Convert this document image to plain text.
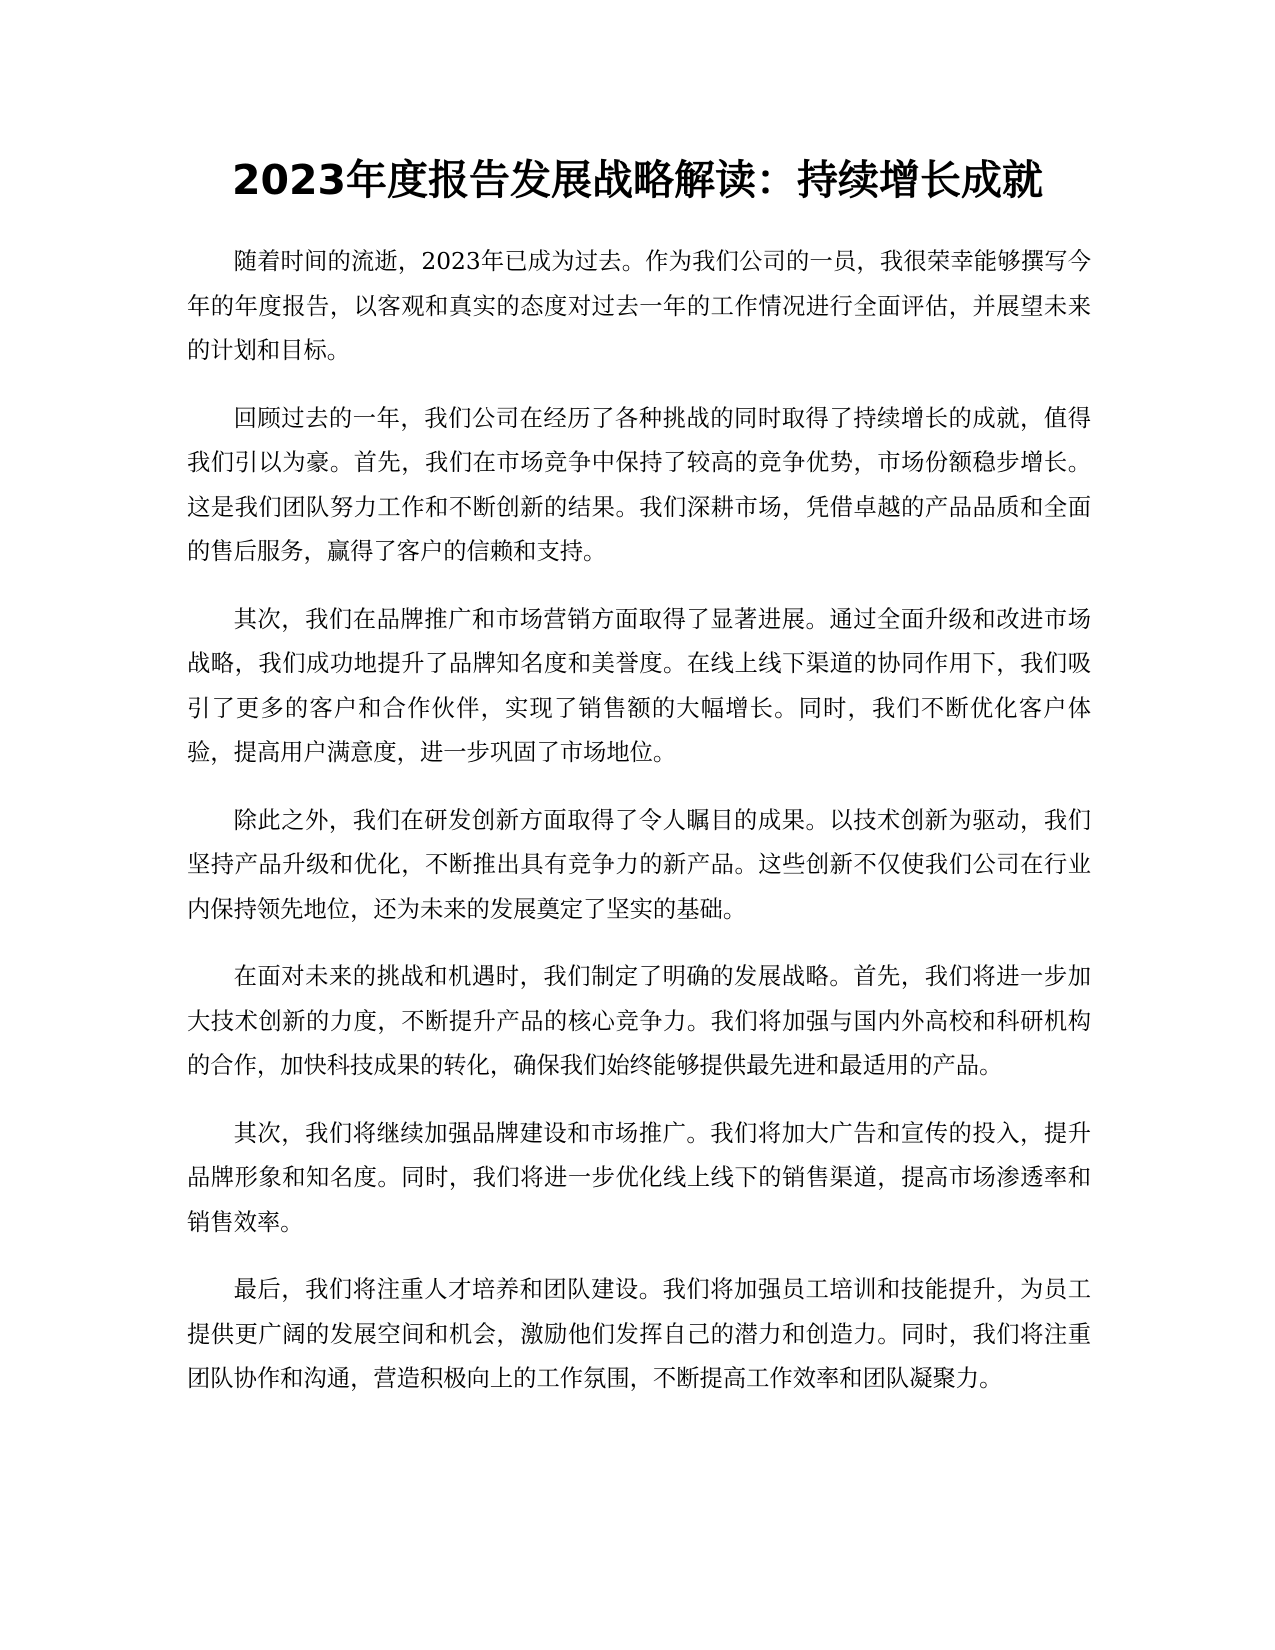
2023年度报告发展战略解读：持续增长成就

随着时间的流逝，2023年已成为过去。作为我们公司的一员，我很荣幸能够撰写今年的年度报告，以客观和真实的态度对过去一年的工作情况进行全面评估，并展望未来的计划和目标。

回顾过去的一年，我们公司在经历了各种挑战的同时取得了持续增长的成就，值得我们引以为豪。首先，我们在市场竞争中保持了较高的竞争优势，市场份额稳步增长。这是我们团队努力工作和不断创新的结果。我们深耕市场，凭借卓越的产品品质和全面的售后服务，赢得了客户的信赖和支持。

其次，我们在品牌推广和市场营销方面取得了显著进展。通过全面升级和改进市场战略，我们成功地提升了品牌知名度和美誉度。在线上线下渠道的协同作用下，我们吸引了更多的客户和合作伙伴，实现了销售额的大幅增长。同时，我们不断优化客户体验，提高用户满意度，进一步巩固了市场地位。

除此之外，我们在研发创新方面取得了令人瞩目的成果。以技术创新为驱动，我们坚持产品升级和优化，不断推出具有竞争力的新产品。这些创新不仅使我们公司在行业内保持领先地位，还为未来的发展奠定了坚实的基础。

在面对未来的挑战和机遇时，我们制定了明确的发展战略。首先，我们将进一步加大技术创新的力度，不断提升产品的核心竞争力。我们将加强与国内外高校和科研机构的合作，加快科技成果的转化，确保我们始终能够提供最先进和最适用的产品。

其次，我们将继续加强品牌建设和市场推广。我们将加大广告和宣传的投入，提升品牌形象和知名度。同时，我们将进一步优化线上线下的销售渠道，提高市场渗透率和销售效率。

最后，我们将注重人才培养和团队建设。我们将加强员工培训和技能提升，为员工提供更广阔的发展空间和机会，激励他们发挥自己的潜力和创造力。同时，我们将注重团队协作和沟通，营造积极向上的工作氛围，不断提高工作效率和团队凝聚力。
